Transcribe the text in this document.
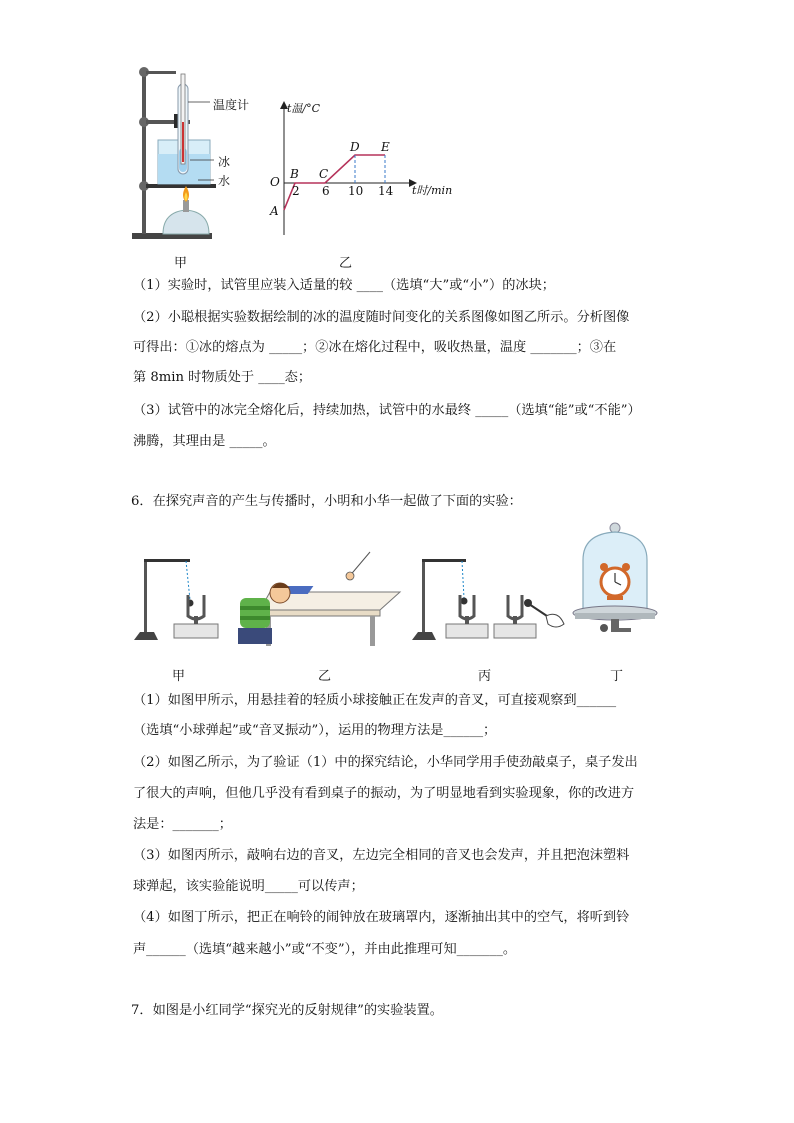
温度计
冰
水
甲
t温/°C
t时/min
O
A
B C
D E
2 6 10 14
乙
（1）实验时，试管里应装入适量的较 ____（选填“大”或“小”）的冰块；
（2）小聪根据实验数据绘制的冰的温度随时间变化的关系图像如图乙所示。分析图像
可得出：①冰的熔点为 _____；②冰在熔化过程中，吸收热量，温度 _______；③在
第 8min 时物质处于 ____态；
（3）试管中的冰完全熔化后，持续加热，试管中的水最终 _____（选填“能”或“不能”）
沸腾，其理由是 _____。
6．在探究声音的产生与传播时，小明和小华一起做了下面的实验：
甲	乙	丙	丁
（1）如图甲所示，用悬挂着的轻质小球接触正在发声的音叉，可直接观察到______
（选填“小球弹起”或“音叉振动”），运用的物理方法是______；
（2）如图乙所示，为了验证（1）中的探究结论，小华同学用手使劲敲桌子，桌子发出
了很大的声响，但他几乎没有看到桌子的振动，为了明显地看到实验现象，你的改进方
法是：_______；
（3）如图丙所示，敲响右边的音叉，左边完全相同的音叉也会发声，并且把泡沫塑料
球弹起，该实验能说明_____可以传声；
（4）如图丁所示，把正在响铃的闹钟放在玻璃罩内，逐渐抽出其中的空气，将听到铃
声______（选填“越来越小”或“不变”），并由此推理可知_______。
7．如图是小红同学“探究光的反射规律”的实验装置。
